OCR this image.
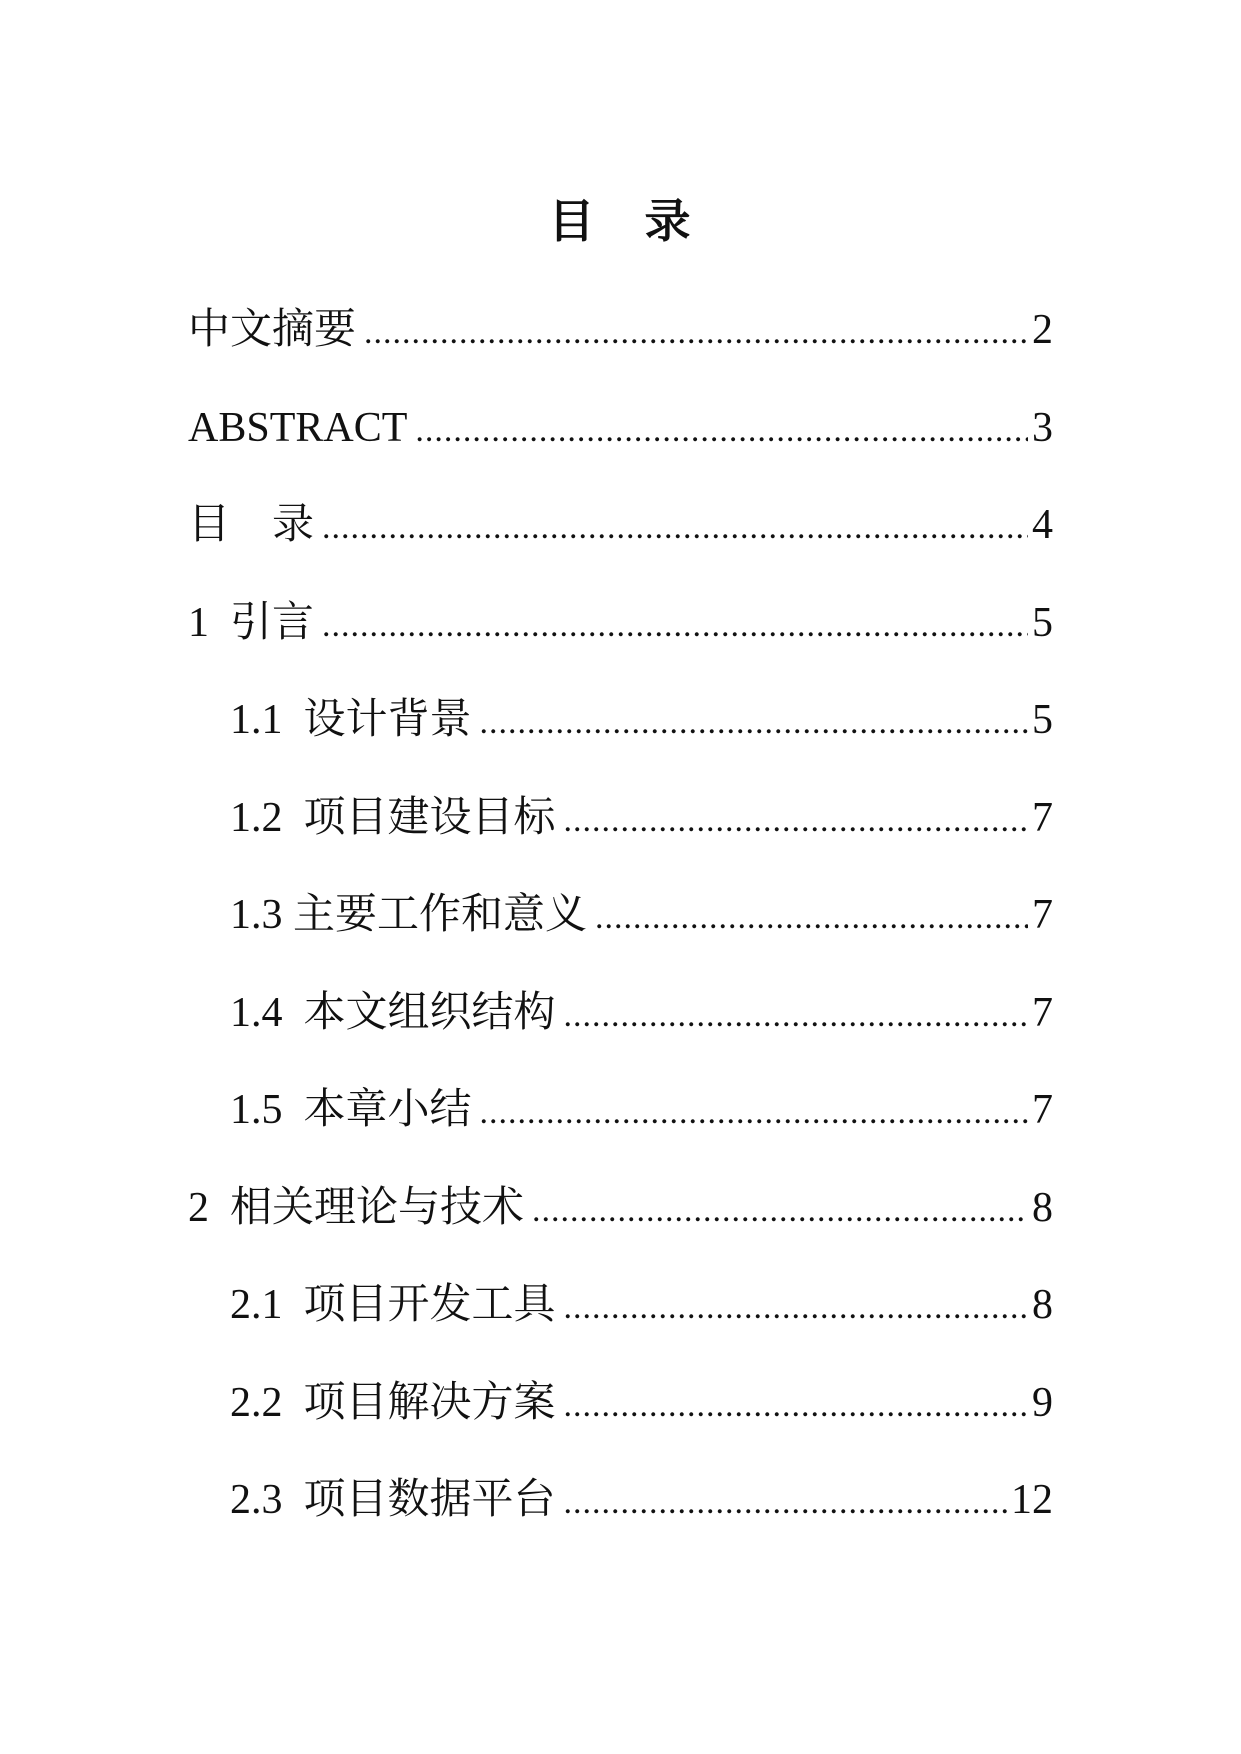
目　录
中文摘要 .....	2
ABSTRACT .....	3
目　录 .....	4
1  引言 .....	5
1.1  设计背景 .....	5
1.2  项目建设目标 .....	7
1.3 主要工作和意义 .....	7
1.4  本文组织结构 .....	7
1.5  本章小结 .....	7
2  相关理论与技术 .....	8
2.1  项目开发工具 .....	8
2.2  项目解决方案 .....	9
2.3  项目数据平台 .....	12
